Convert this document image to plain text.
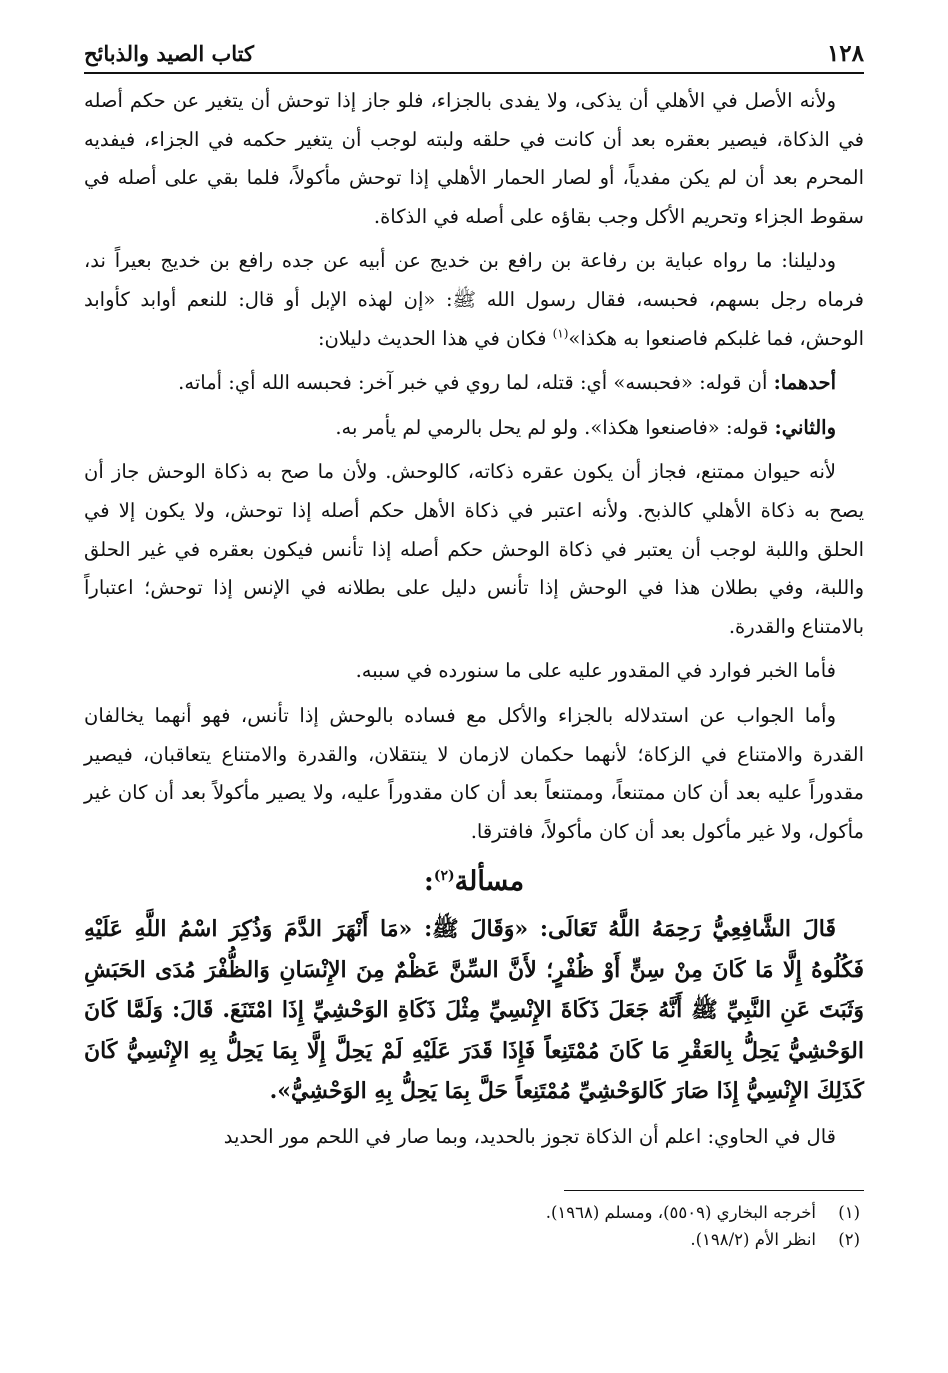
١٢٨
كتاب الصيد والذبائح

ولأنه الأصل في الأهلي أن يذكى، ولا يفدى بالجزاء، فلو جاز إذا توحش أن يتغير عن حكم أصله في الذكاة، فيصير بعقره بعد أن كانت في حلقه ولبته لوجب أن يتغير حكمه في الجزاء، فيفديه المحرم بعد أن لم يكن مفدياً، أو لصار الحمار الأهلي إذا توحش مأكولاً، فلما بقي على أصله في سقوط الجزاء وتحريم الأكل وجب بقاؤه على أصله في الذكاة.

ودليلنا: ما رواه عباية بن رفاعة بن رافع بن خديج عن أبيه عن جده رافع بن خديج بعيراً ند، فرماه رجل بسهم، فحبسه، فقال رسول الله ﷺ: «إن لهذه الإبل أو قال: للنعم أوابد كأوابد الوحش، فما غلبكم فاصنعوا به هكذا»$^{(١)}$ فكان في هذا الحديث دليلان:

أحدهما: أن قوله: «فحبسه» أي: قتله، لما روي في خبر آخر: فحبسه الله أي: أماته.

والثاني: قوله: «فاصنعوا هكذا». ولو لم يحل بالرمي لم يأمر به.

لأنه حيوان ممتنع، فجاز أن يكون عقره ذكاته، كالوحش. ولأن ما صح به ذكاة الوحش جاز أن يصح به ذكاة الأهلي كالذبح. ولأنه اعتبر في ذكاة الأهل حكم أصله إذا توحش، ولا يكون إلا في الحلق واللبة لوجب أن يعتبر في ذكاة الوحش حكم أصله إذا تأنس فيكون بعقره في غير الحلق واللبة، وفي بطلان هذا في الوحش إذا تأنس دليل على بطلانه في الإنس إذا توحش؛ اعتباراً بالامتناع والقدرة.

فأما الخبر فوارد في المقدور عليه على ما سنورده في سببه.

وأما الجواب عن استدلاله بالجزاء والأكل مع فساده بالوحش إذا تأنس، فهو أنهما يخالفان القدرة والامتناع في الزكاة؛ لأنهما حكمان لازمان لا ينتقلان، والقدرة والامتناع يتعاقبان، فيصير مقدوراً عليه بعد أن كان ممتنعاً، وممتنعاً بعد أن كان مقدوراً عليه، ولا يصير مأكولاً بعد أن كان غير مأكول، ولا غير مأكول بعد أن كان مأكولاً، فافترقا.

مسألة$^{(٢)}$:

قَالَ الشَّافِعِيُّ رَحِمَهُ اللَّهُ تَعَالَى: «وَقَالَ ﷺ: «مَا أَنْهَرَ الدَّمَ وَذُكِرَ اسْمُ اللَّهِ عَلَيْهِ فَكُلُوهُ إِلَّا مَا كَانَ مِنْ سِنٍّ أَوْ ظُفْرٍ؛ لأَنَّ السِّنَّ عَظْمٌ مِنَ الإِنْسَانِ وَالظُّفْرَ مُدَى الحَبَشِ وَثَبَتَ عَنِ النَّبِيِّ ﷺ أَنَّهُ جَعَلَ ذَكَاةَ الإِنْسِيِّ مِثْلَ ذَكَاةِ الوَحْشِيِّ إِذَا امْتَنَعَ. قَالَ: وَلَمَّا كَانَ الوَحْشِيُّ يَحِلُّ بِالعَقْرِ مَا كَانَ مُمْتَنِعاً فَإِذَا قَدَرَ عَلَيْهِ لَمْ يَحِلَّ إِلَّا بِمَا يَحِلُّ بِهِ الإِنْسِيُّ كَانَ كَذَلِكَ الإِنْسِيُّ إِذَا صَارَ كَالوَحْشِيِّ مُمْتَنِعاً حَلَّ بِمَا يَحِلُّ بِهِ الوَحْشِيُّ».

قال في الحاوي: اعلم أن الذكاة تجوز بالحديد، وبما صار في اللحم مور الحديد

(١)
أخرجه البخاري (٥٥٠٩)، ومسلم (١٩٦٨).
(٢)
انظر الأم (١٩٨/٢).
